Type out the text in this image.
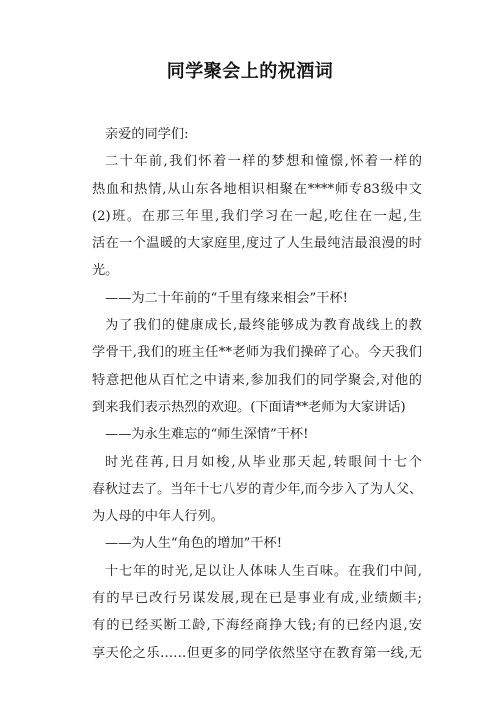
同学聚会上的祝酒词
亲爱的同学们:
二十年前,我们怀着一样的梦想和憧憬,怀着一样的
热血和热情,从山东各地相识相聚在****师专83级中文
(2)班。在那三年里,我们学习在一起,吃住在一起,生
活在一个温暖的大家庭里,度过了人生最纯洁最浪漫的时
光。
——为二十年前的“千里有缘来相会”干杯!
为了我们的健康成长,最终能够成为教育战线上的教
学骨干,我们的班主任**老师为我们操碎了心。今天我们
特意把他从百忙之中请来,参加我们的同学聚会,对他的
到来我们表示热烈的欢迎。(下面请**老师为大家讲话)
——为永生难忘的“师生深情”干杯!
时光荏苒,日月如梭,从毕业那天起,转眼间十七个
春秋过去了。当年十七八岁的青少年,而今步入了为人父、
为人母的中年人行列。
——为人生“角色的增加”干杯!
十七年的时光,足以让人体味人生百味。在我们中间,
有的早已改行另谋发展,现在已是事业有成,业绩颇丰;
有的已经买断工龄,下海经商挣大钱;有的已经内退,安
享天伦之乐……但更多的同学依然坚守在教育第一线,无
